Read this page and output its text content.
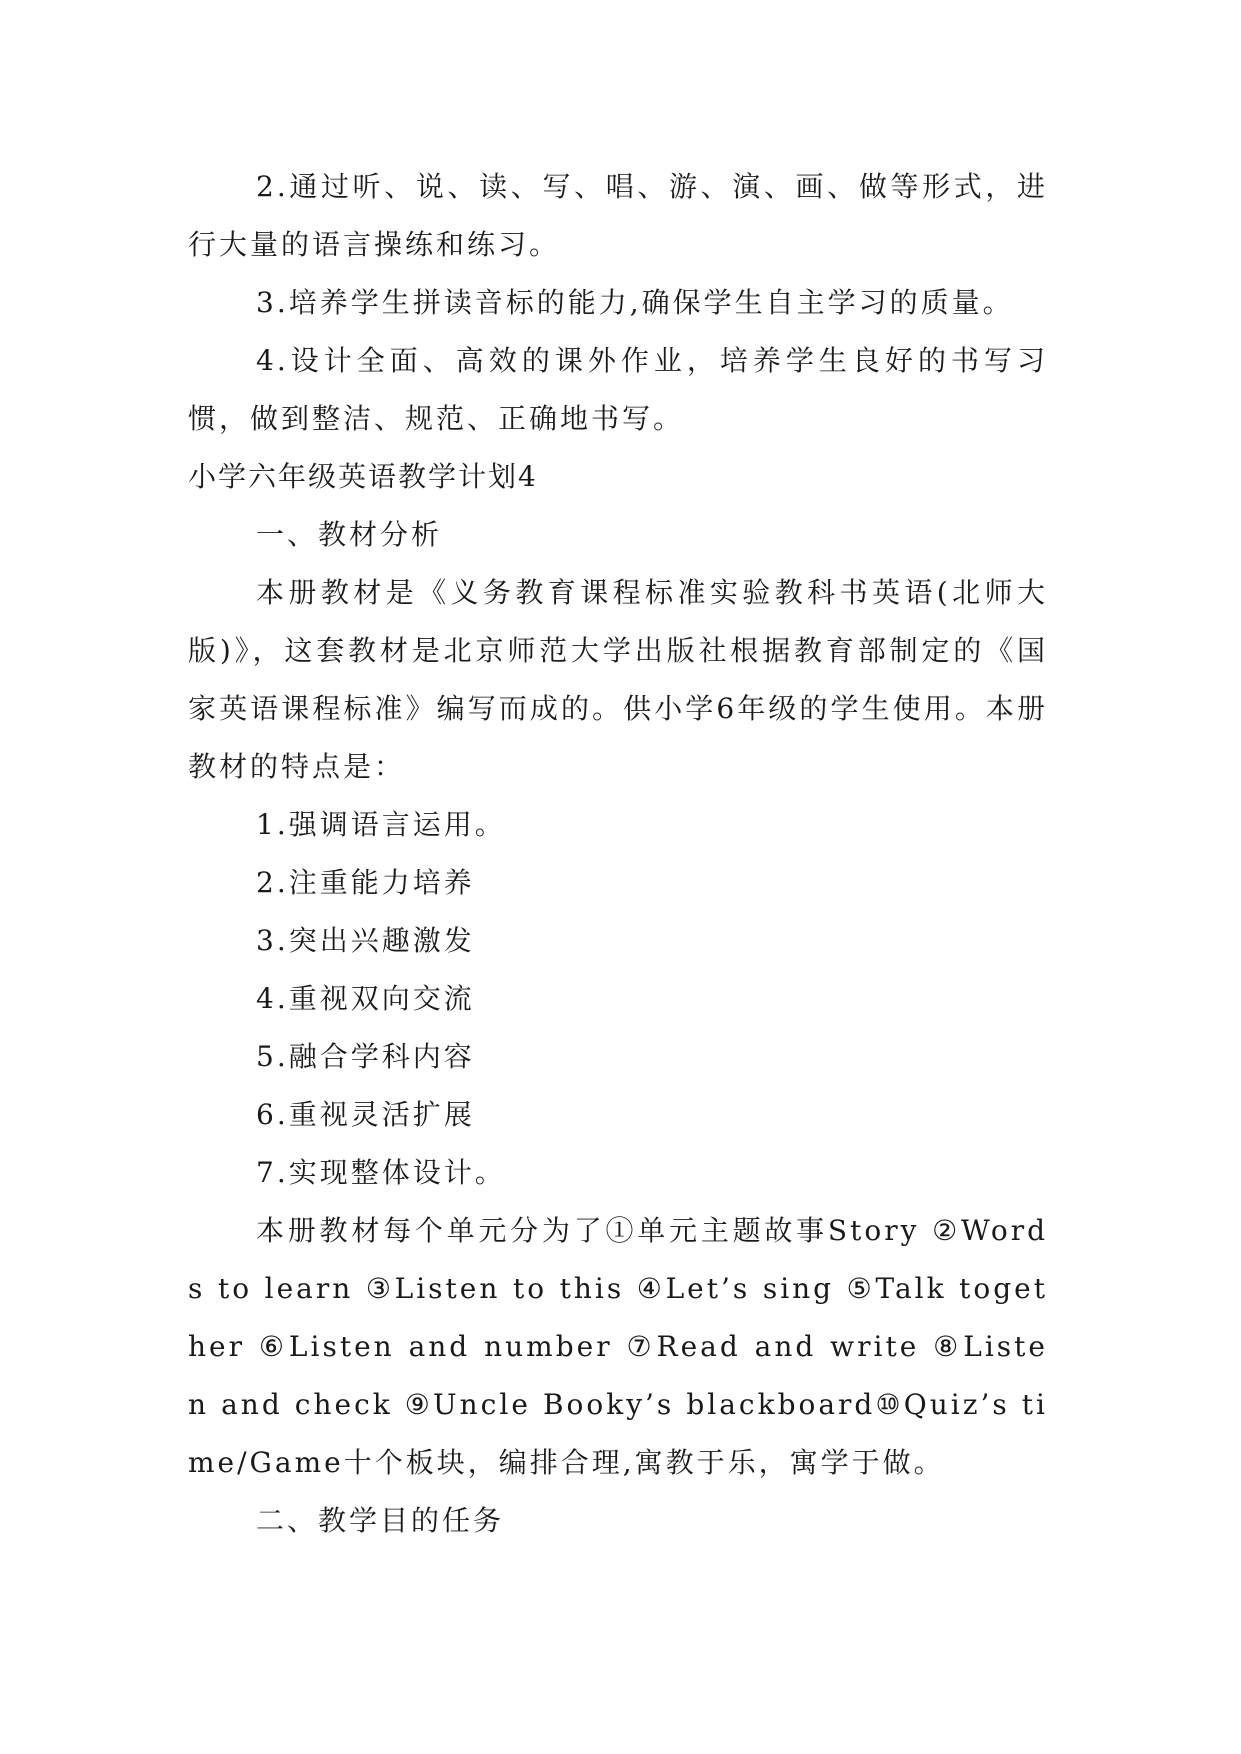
2.通过听、说、读、写、唱、游、演、画、做等形式，进行大量的语言操练和练习。

3.培养学生拼读音标的能力,确保学生自主学习的质量。

4.设计全面、高效的课外作业，培养学生良好的书写习惯，做到整洁、规范、正确地书写。

小学六年级英语教学计划4

一、教材分析

本册教材是《义务教育课程标准实验教科书英语(北师大版)》，这套教材是北京师范大学出版社根据教育部制定的《国家英语课程标准》编写而成的。供小学6年级的学生使用。本册教材的特点是：

1.强调语言运用。

2.注重能力培养

3.突出兴趣激发

4.重视双向交流

5.融合学科内容

6.重视灵活扩展

7.实现整体设计。

本册教材每个单元分为了①单元主题故事Story ②Words to learn ③Listen to this ④Let’s sing ⑤Talk together ⑥Listen and number ⑦Read and write ⑧Listen and check ⑨Uncle Booky’s blackboard⑩Quiz’s time/Game十个板块，编排合理,寓教于乐，寓学于做。

二、教学目的任务
